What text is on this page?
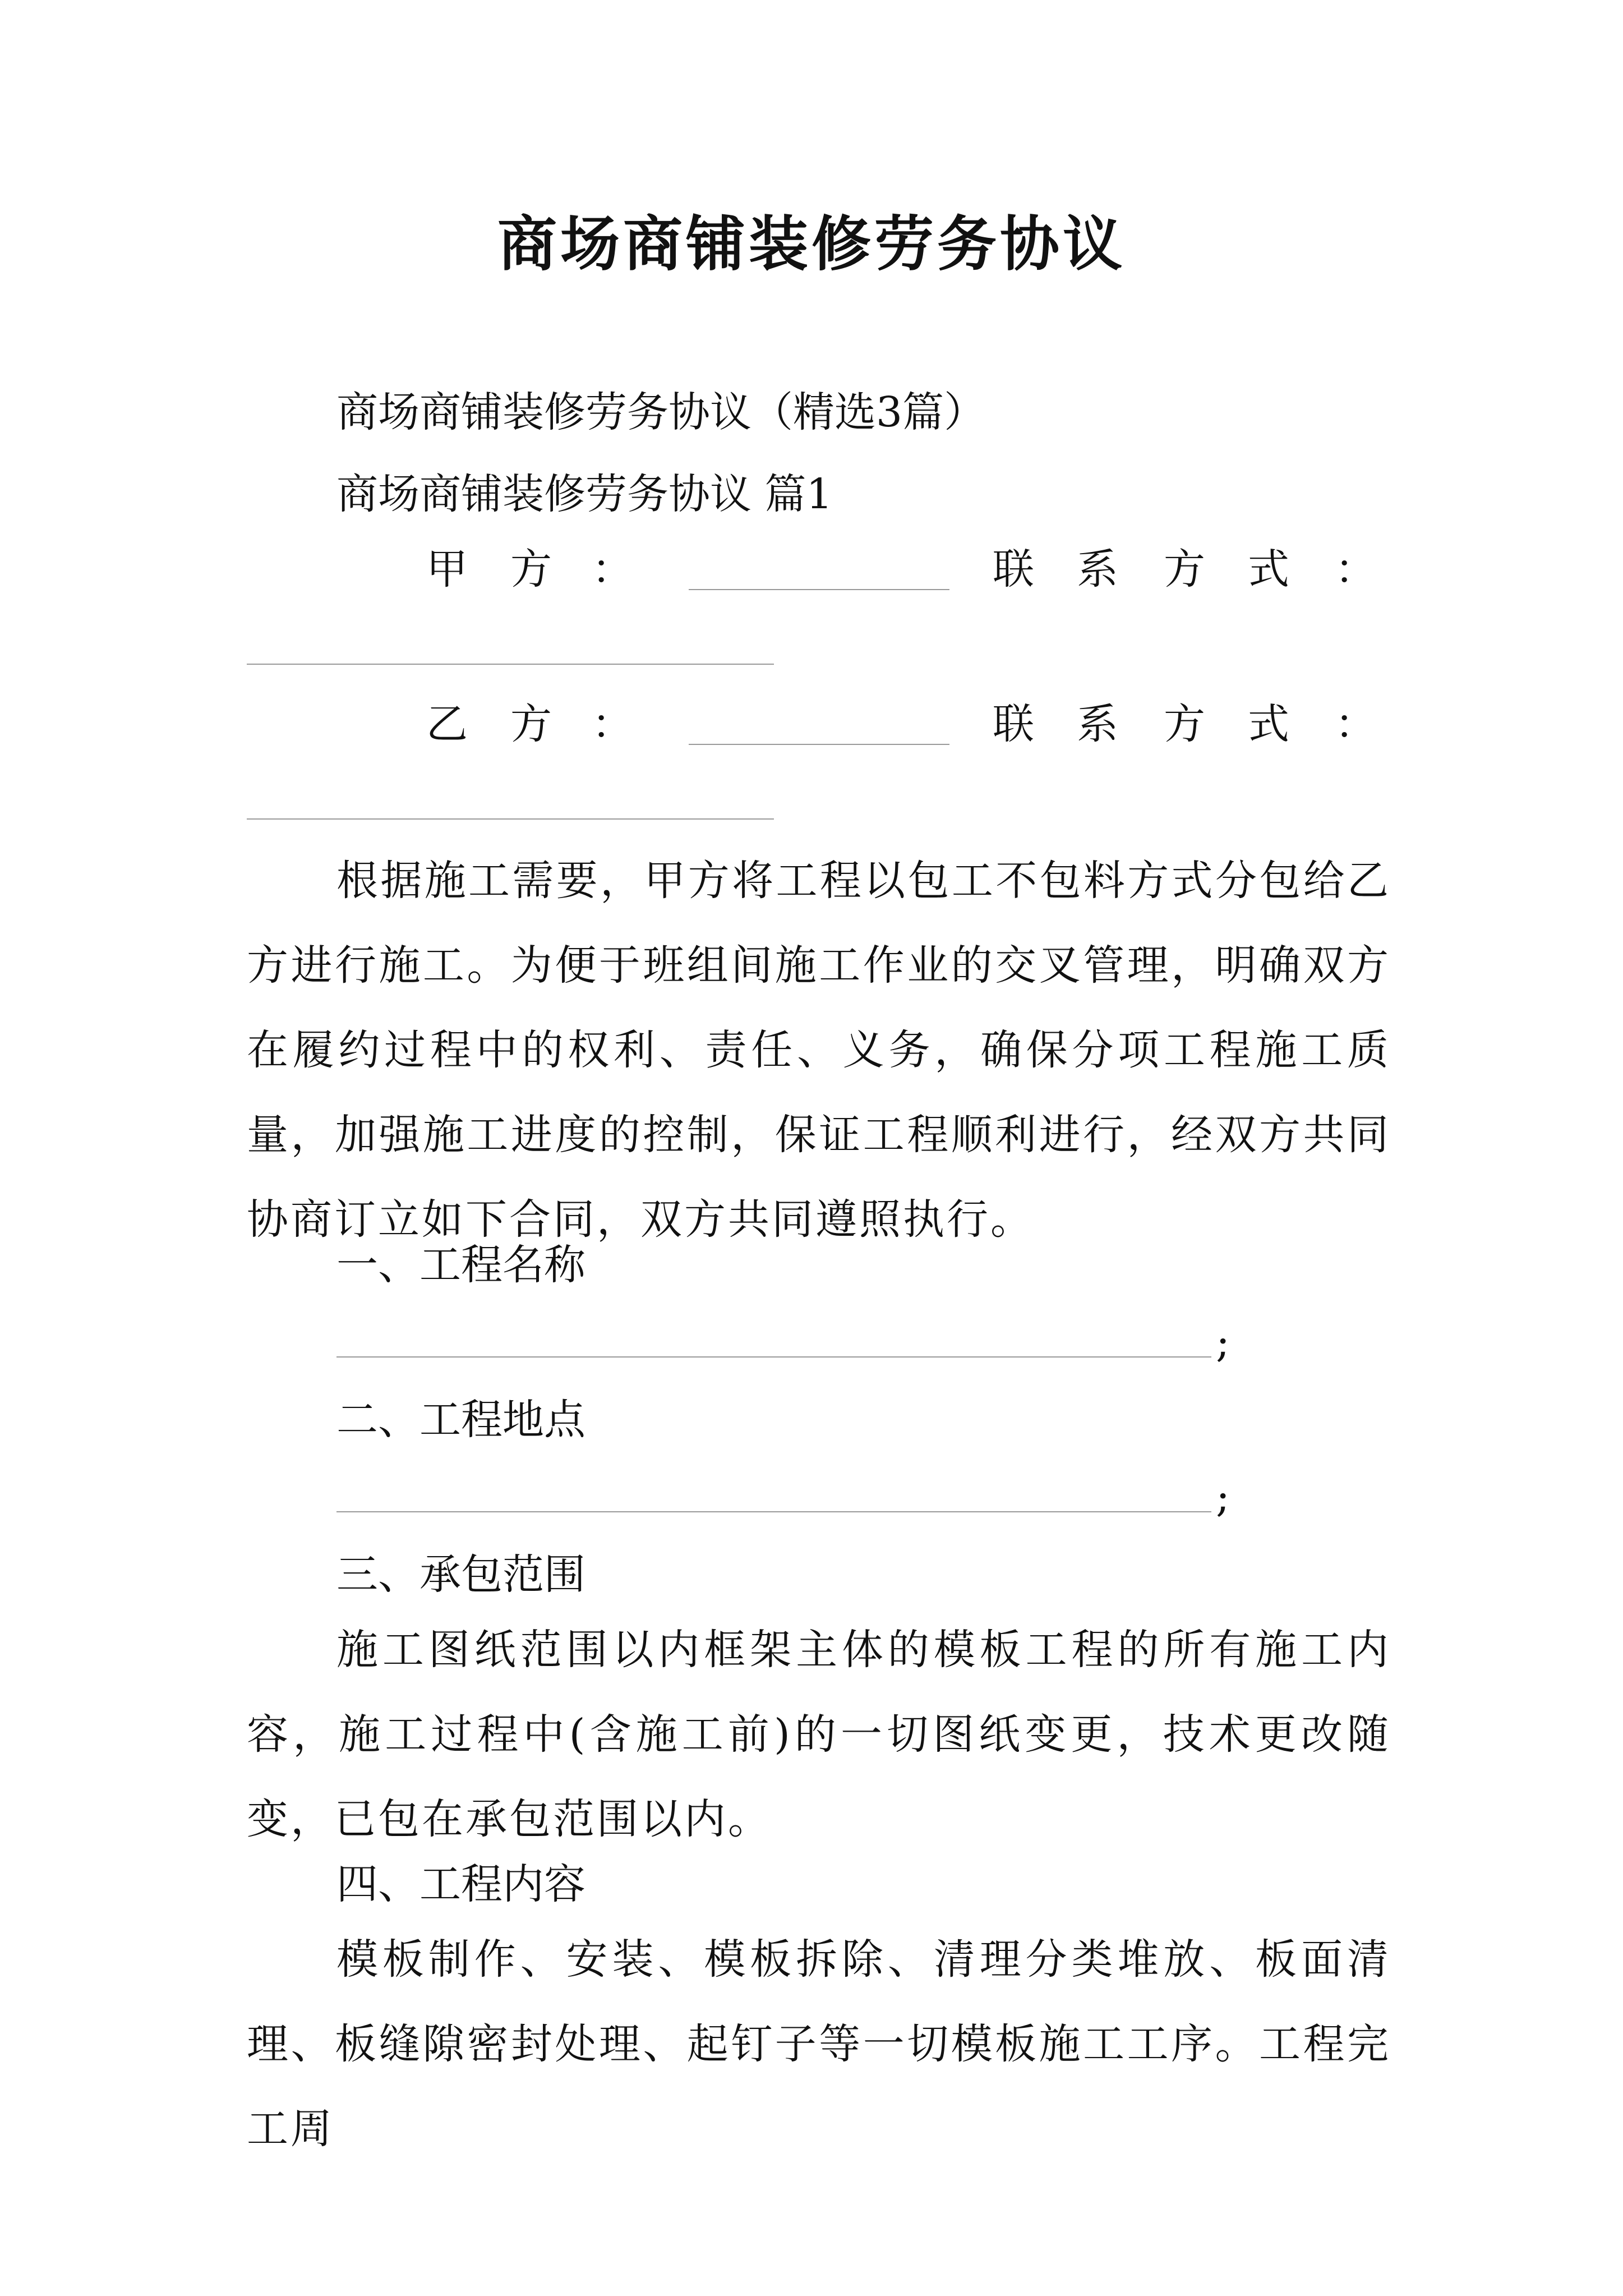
商场商铺装修劳务协议
商场商铺装修劳务协议（精选3篇）
商场商铺装修劳务协议 篇1
甲 方 ：	联 系 方 式 ：
乙 方 ：	联 系 方 式 ：
根据施工需要，甲方将工程以包工不包料方式分包给乙方进行施工。为便于班组间施工作业的交叉管理，明确双方在履约过程中的权利、责任、义务，确保分项工程施工质量，加强施工进度的控制，保证工程顺利进行，经双方共同协商订立如下合同，双方共同遵照执行。
一、工程名称
;
二、工程地点
;
三、承包范围
施工图纸范围以内框架主体的模板工程的所有施工内容，施工过程中(含施工前)的一切图纸变更，技术更改随变，已包在承包范围以内。
四、工程内容
模板制作、安装、模板拆除、清理分类堆放、板面清理、板缝隙密封处理、起钉子等一切模板施工工序。工程完工周
